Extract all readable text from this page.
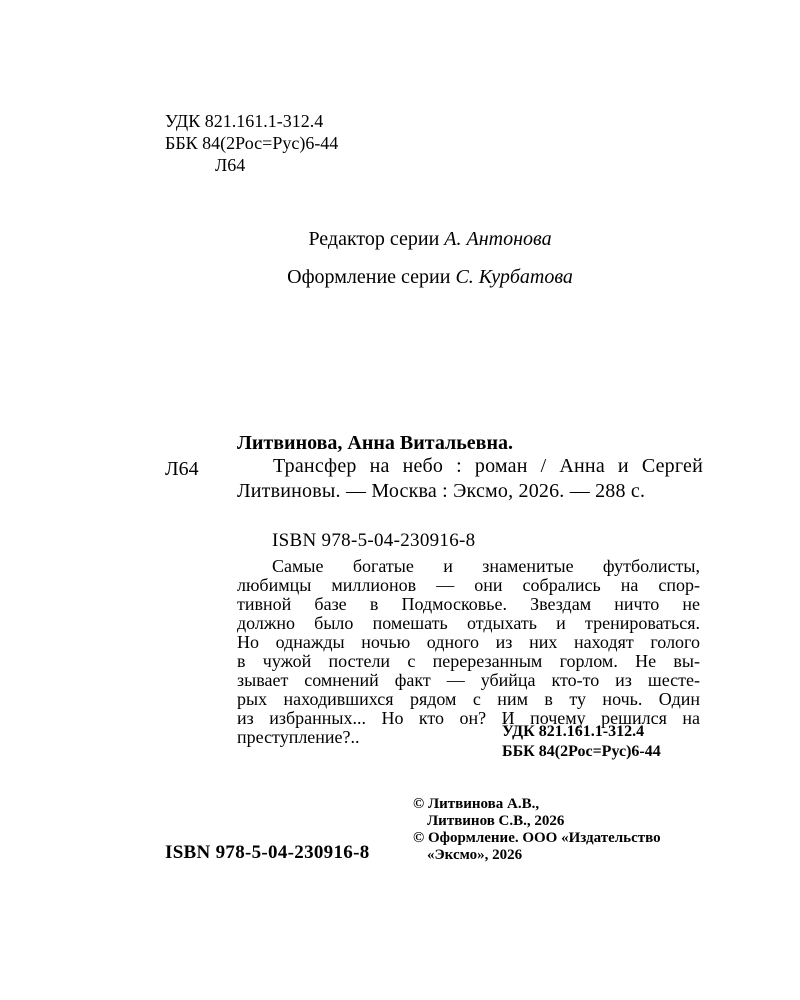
УДК 821.161.1-312.4
ББК 84(2Рос=Рус)6-44
Л64
Редактор серии А. Антонова
Оформление серии С. Курбатова
Литвинова, Анна Витальевна.
Л64	Трансфер на небо : роман / Анна и Сергей Литвиновы. — Москва : Эксмо, 2026. — 288 с.
ISBN 978-5-04-230916-8
Самые богатые и знаменитые футболисты,
любимцы миллионов — они собрались на спор-
тивной базе в Подмосковье. Звездам ничто не
должно было помешать отдыхать и тренироваться.
Но однажды ночью одного из них находят голого
в чужой постели с перерезанным горлом. Не вы-
зывает сомнений факт — убийца кто-то из шесте-
рых находившихся рядом с ним в ту ночь. Один
из избранных... Но кто он? И почему решился на
преступление?..	УДК 821.161.1-312.4
ББК 84(2Рос=Рус)6-44
© Литвинова А.В.,
Литвинов С.В., 2026
© Оформление. ООО «Издательство
«Эксмо», 2026
ISBN 978-5-04-230916-8
